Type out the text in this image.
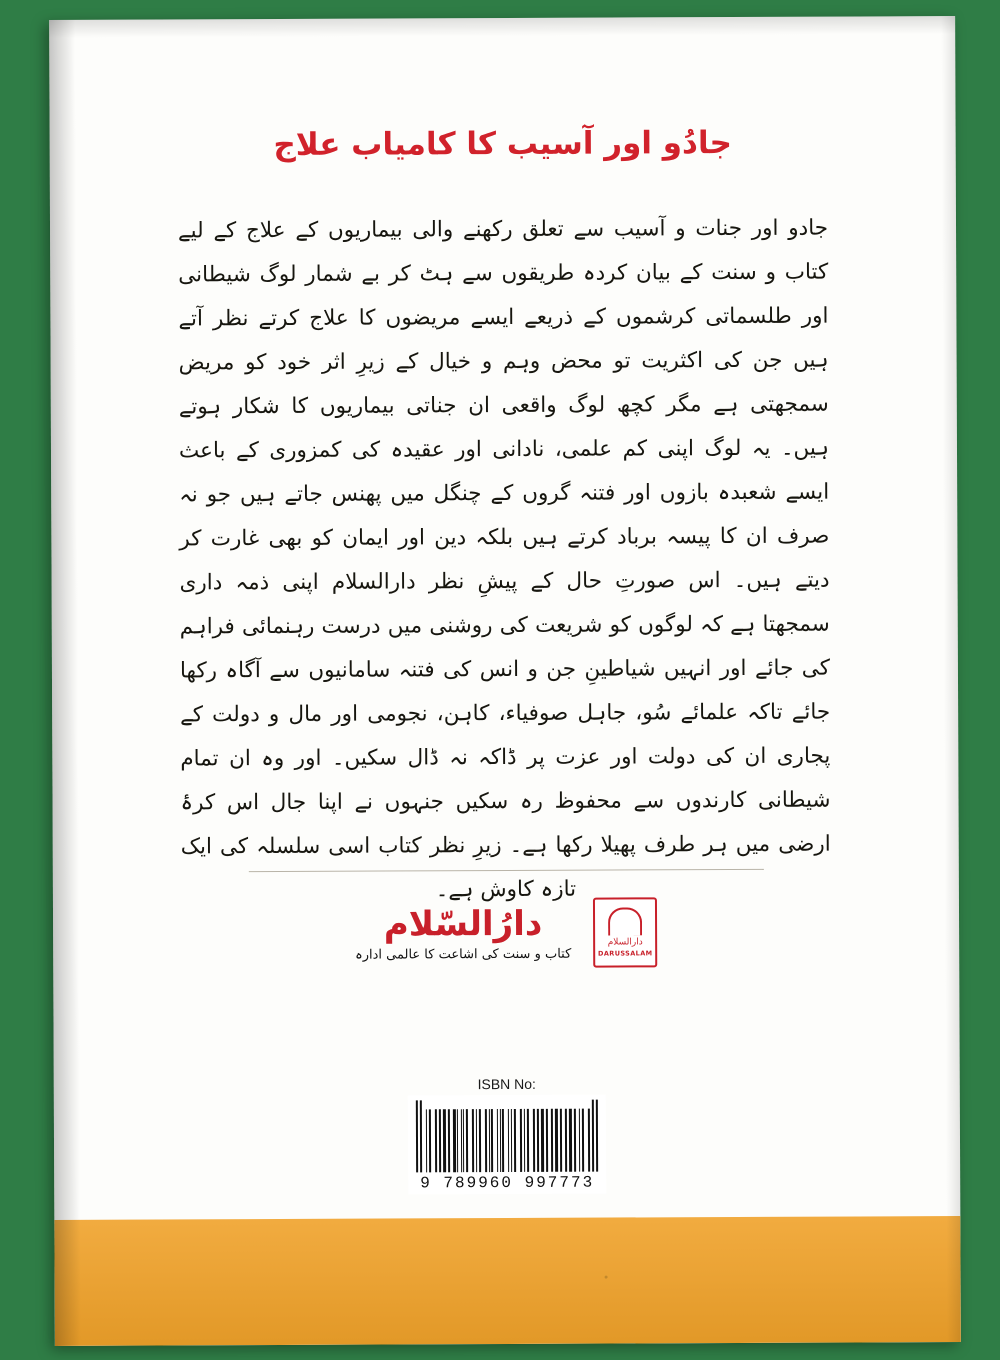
جادُو اور آسیب کا کامیاب علاج

جادو اور جنات و آسیب سے تعلق رکھنے والی بیماریوں کے علاج کے لیے کتاب و سنت کے بیان کردہ طریقوں سے ہٹ کر بے شمار لوگ شیطانی اور طلسماتی کرشموں کے ذریعے ایسے مریضوں کا علاج کرتے نظر آتے ہیں جن کی اکثریت تو محض وہم و خیال کے زیرِ اثر خود کو مریض سمجھتی ہے مگر کچھ لوگ واقعی ان جناتی بیماریوں کا شکار ہوتے ہیں۔ یہ لوگ اپنی کم علمی، نادانی اور عقیدہ کی کمزوری کے باعث ایسے شعبدہ بازوں اور فتنہ گروں کے چنگل میں پھنس جاتے ہیں جو نہ صرف ان کا پیسہ برباد کرتے ہیں بلکہ دین اور ایمان کو بھی غارت کر دیتے ہیں۔ اس صورتِ حال کے پیشِ نظر دارالسلام اپنی ذمہ داری سمجھتا ہے کہ لوگوں کو شریعت کی روشنی میں درست رہنمائی فراہم کی جائے اور انہیں شیاطینِ جن و انس کی فتنہ سامانیوں سے آگاہ رکھا جائے تاکہ علمائے سُو، جاہل صوفیاء، کاہن، نجومی اور مال و دولت کے پجاری ان کی دولت اور عزت پر ڈاکہ نہ ڈال سکیں۔ اور وہ ان تمام شیطانی کارندوں سے محفوظ رہ سکیں جنہوں نے اپنا جال اس کرۂ ارضی میں ہر طرف پھیلا رکھا ہے۔ زیرِ نظر کتاب اسی سلسلہ کی ایک تازہ کاوش ہے۔

دارُالسّلام
کتاب و سنت کی اشاعت کا عالمی ادارہ
دارالسلام
DARUSSALAM
ISBN No:
9 789960 997773
